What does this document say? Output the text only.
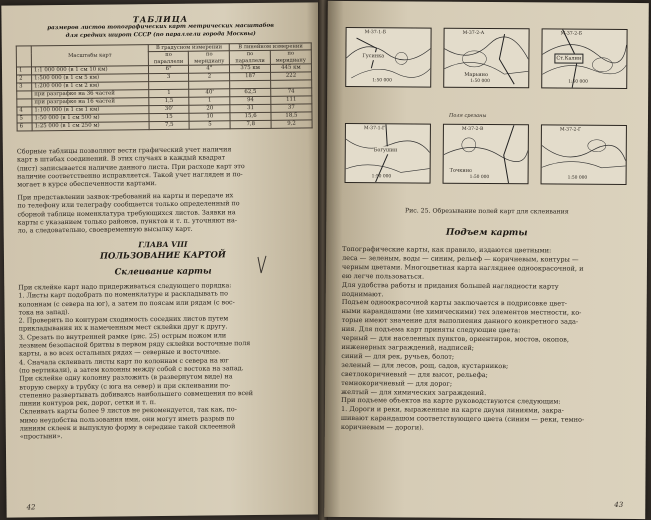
ТАБЛИЦА
размеров листов топографических карт метрических масштабов
для средних широт СССР (по параллели города Москвы)
	Масштабы карт	В градусном измерении		В линейном измерении	
		по параллели	по меридиану	по параллели	по меридиану
1	1:1 000 000 (в 1 см 10 км)	6°	4°	375 км	445 км
2	1:500 000 (в 1 см 5 км)	3	2	187	222
3	1:200 000 (в 1 см 2 км)				
	при разграфке на 36 частей	1	40'	62,5	74
	при разграфке на 16 частей	1,5	1	94	111
4	1:100 000 (в 1 см 1 км)	30'	20	31	37
5	1:50 000 (в 1 см 500 м)	15	10	15,6	18,5
6	1:25 000 (в 1 см 250 м)	7,5	5	7,8	9,2
Сборные таблицы позволяют вести графический учет наличия
карт в штабах соединений. В этих случаях в каждый квадрат
(лист) записывается наличие данного листа. При расходе карт это
наличие соответственно исправляется. Такой учет нагляден и по-
могает в курсе обеспеченности картами.
При представлении заявок-требований на карты и передаче их
по телефону или телеграфу сообщается только определенный по
сборной таблице номенклатура требующихся листов. Заявки на
карты с указанием только районов, пунктов и т. п. уточняют на-
ло, а следовательно, своевременную высылку карт.
ГЛАВА VIII
ПОЛЬЗОВАНИЕ КАРТОЙ
Склеивание карты
При склейке карт надо придерживаться следующего порядка:
1. Листы карт подобрать по номенклатуре и раскладывать по
колоннам (с севера на юг), а затем по поясам или рядам (с вос-
тока на запад).
2. Проверить по контурам сходимость соседних листов путем
прикладывания их к намеченным мест склейки друг к другу.
3. Срезать по внутренней рамке (рис. 25) острым ножом или
лезвием безопасной бритвы в первом ряду склейки восточные поля
карты, а во всех остальных рядах — северные и восточные.
4. Сначала склеивать листы карт по колоннам с севера на юг
(по вертикали), а затем колонны между собой с востока на запад.
При склейке одну колонну разложить (в развернутом виде) на
вторую сверху в трубку (с юга на север) и при склеивании по-
степенно развертывать добиваясь наибольшего совмещения по всей
линии контуров рек, дорог, сетки и т. п.
Склеивать карты более 9 листов не рекомендуется, так как, по-
мимо неудобства пользования ими, они могут иметь разрыв по
линиям склеек и выпуклую форму в середине такой склеенной
«простыни».
42
M-37-1-Б
Гусинка
1:50 000
M-37-2-А
Марьино
1:50 000
M-37-2-Б
Ст.Калин
1:50 000
Поля срезаны
M-37-1-Г
Богушин
1:50 000
M-37-2-В
Точкино
1:50 000
M-37-2-Г
1:50 000
Рис. 25. Обрезывание полей карт для склеивания
Подъем карты
Топографические карты, как правило, издаются цветными:
леса — зеленым, воды — синим, рельеф — коричневым, контуры —
черным цветами. Многоцветная карта нагляднее одноокрасочной, и
ею легче пользоваться.
Для удобства работы и придания большей наглядности карту
поднимают.
Подъем одноокрасочной карты заключается в подрисовке цвет-
ными карандашами (не химическими) тех элементов местности, ко-
торые имеют значение для выполнения данного конкретного зада-
ния. Для подъема карт приняты следующие цвета:
черный — для населенных пунктов, ориентиров, мостов, окопов,
инженерных заграждений, надписей;
синий — для рек, ручьев, болот;
зеленый — для лесов, рощ, садов, кустарников;
светлокоричневый — для высот, рельефа;
темнокоричневый — для дорог;
желтый — для химических заграждений.
При подъеме объектов на карте руководствуются следующим:
1. Дороги и реки, выраженные на карте двумя линиями, закра-
шивают карандашом соответствующего цвета (синим — реки, темно-
коричневым — дороги).
43
